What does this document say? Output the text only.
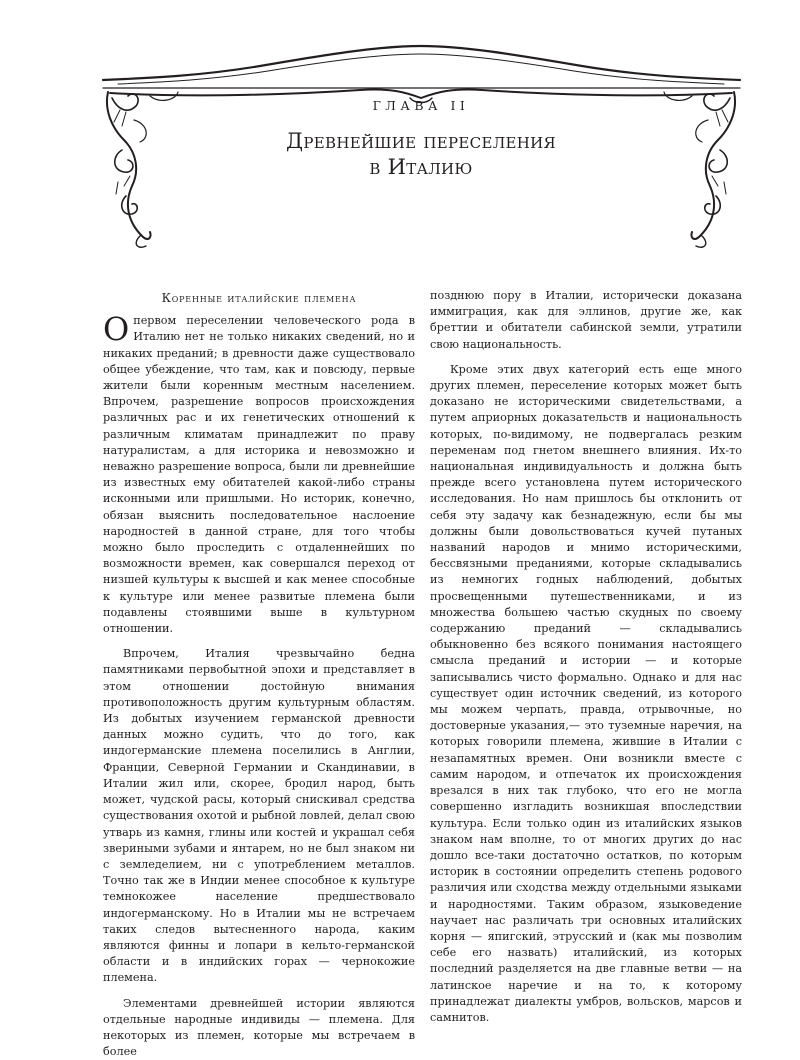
ГЛАВА II
Древнейшие переселения
в Италию
Коренные италийские племена

Опервом переселении человеческого рода в Италию нет не только никаких сведений, но и никаких преданий; в древности даже существовало общее убеждение, что там, как и повсюду, первые жители были коренным местным населением. Впрочем, разрешение вопросов происхождения различных рас и их генетических отношений к различным климатам принадлежит по праву натуралистам, а для историка и невозможно и неважно разрешение вопроса, были ли древнейшие из известных ему обитателей какой-либо страны исконными или пришлыми. Но историк, конечно, обязан выяснить последовательное наслоение народностей в данной стране, для того чтобы можно было проследить с отдаленнейших по возможности времен, как совершался переход от низшей культуры к высшей и как менее способные к культуре или менее развитые племена были подавлены стоявшими выше в культурном отношении.

Впрочем, Италия чрезвычайно бедна памятниками первобытной эпохи и представляет в этом отношении достойную внимания противоположность другим культурным областям. Из добытых изучением германской древности данных можно судить, что до того, как индогерманские племена поселились в Англии, Франции, Северной Германии и Скандинавии, в Италии жил или, скорее, бродил народ, быть может, чудской расы, который снискивал средства существования охотой и рыбной ловлей, делал свою утварь из камня, глины или костей и украшал себя звериными зубами и янтарем, но не был знаком ни с земледелием, ни с употреблением металлов. Точно так же в Индии менее способное к культуре темнокожее население предшествовало индогерманскому. Но в Италии мы не встречаем таких следов вытесненного народа, каким являются финны и лопари в кельто-германской области и в индийских горах — чернокожие племена.

Элементами древнейшей истории являются отдельные народные индивиды — племена. Для некоторых из племен, которые мы встречаем в более

позднюю пору в Италии, исторически доказана иммиграция, как для эллинов, другие же, как бреттии и обитатели сабинской земли, утратили свою национальность.

Кроме этих двух категорий есть еще много других племен, переселение которых может быть доказано не историческими свидетельствами, а путем априорных доказательств и национальность которых, по-видимому, не подвергалась резким переменам под гнетом внешнего влияния. Их-то национальная индивидуальность и должна быть прежде всего установлена путем исторического исследования. Но нам пришлось бы отклонить от себя эту задачу как безнадежную, если бы мы должны были довольствоваться кучей путаных названий народов и мнимо историческими, бессвязными преданиями, которые складывались из немногих годных наблюдений, добытых просвещенными путешественниками, и из множества большею частью скудных по своему содержанию преданий — складывались обыкновенно без всякого понимания настоящего смысла преданий и истории — и которые записывались чисто формально. Однако и для нас существует один источник сведений, из которого мы можем черпать, правда, отрывочные, но достоверные указания,— это туземные наречия, на которых говорили племена, жившие в Италии с незапамятных времен. Они возникли вместе с самим народом, и отпечаток их происхождения врезался в них так глубоко, что его не могла совершенно изгладить возникшая впоследствии культура. Если только один из италийских языков знаком нам вполне, то от многих других до нас дошло все-таки достаточно остатков, по которым историк в состоянии определить степень родового различия или сходства между отдельными языками и народностями. Таким образом, языковедение научает нас различать три основных италийских корня — япигский, этрусский и (как мы позволим себе его назвать) италийский, из которых последний разделяется на две главные ветви — на латинское наречие и на то, к которому принадлежат диалекты умбров, вольсков, марсов и самнитов.
